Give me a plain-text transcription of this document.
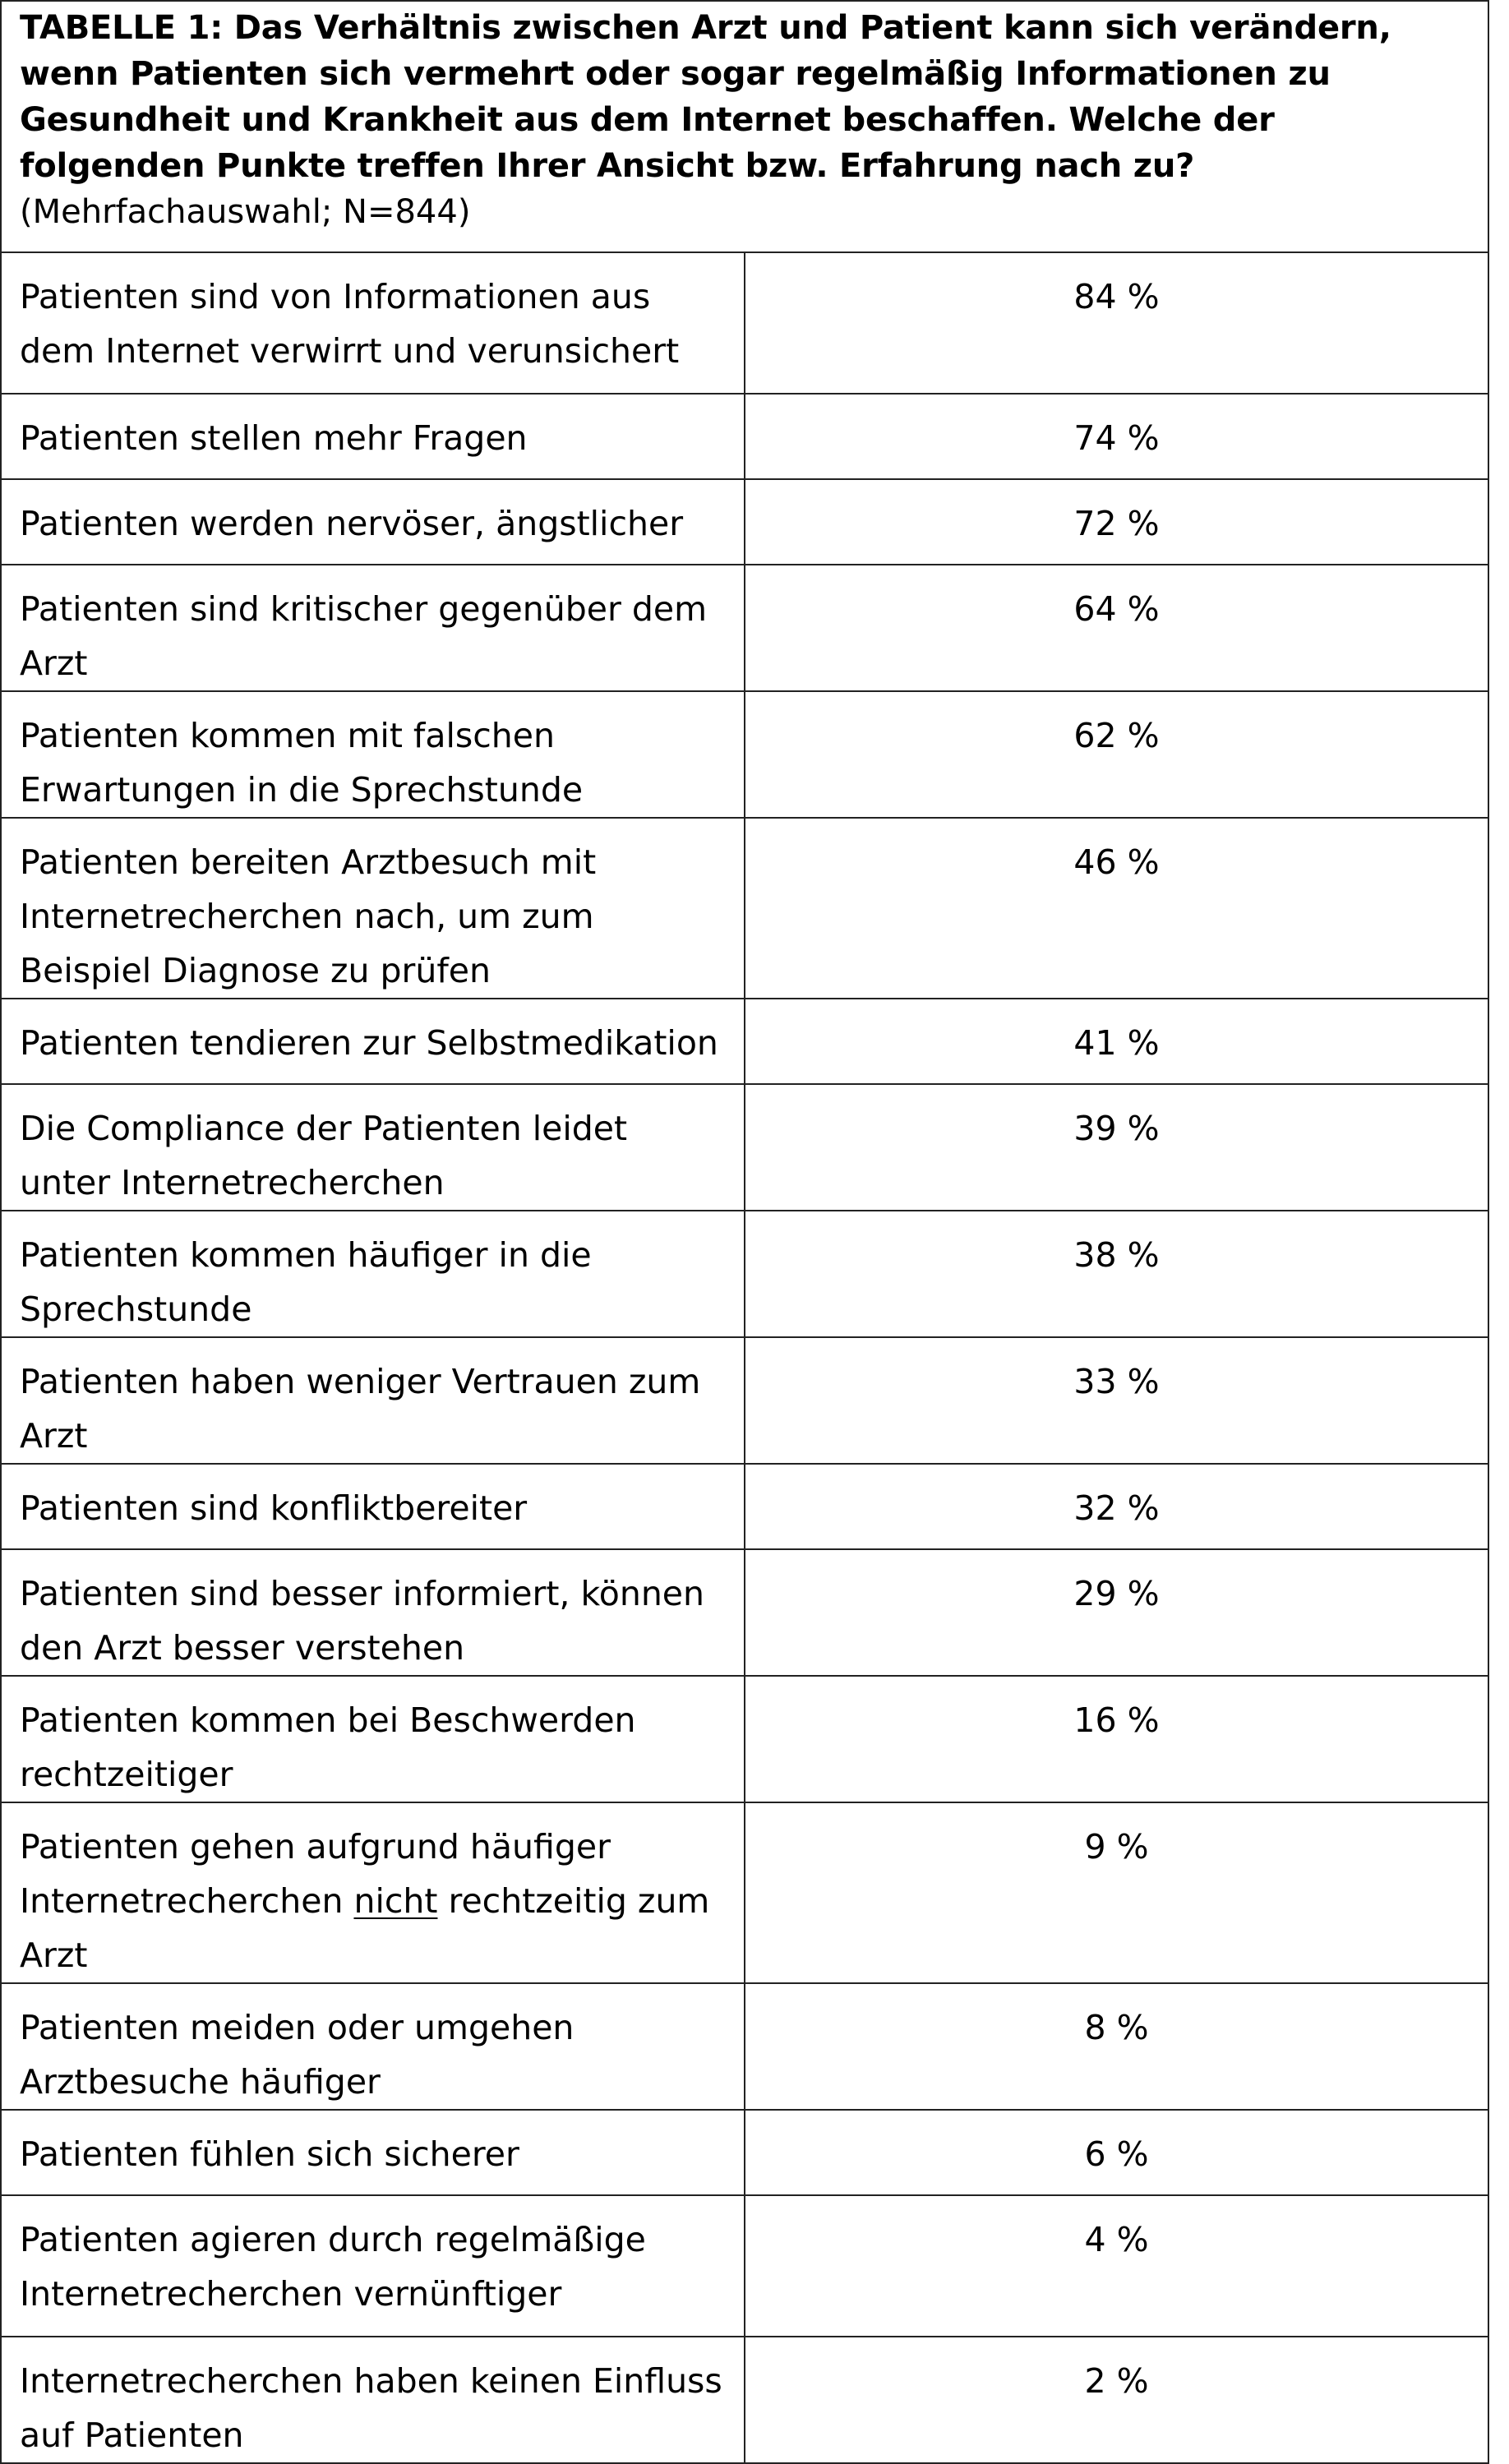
TABELLE 1: Das Verhältnis zwischen Arzt und Patient kann sich verändern, wenn Patienten sich vermehrt oder sogar regelmäßig Informationen zu Gesundheit und Krankheit aus dem Internet beschaffen. Welche der folgenden Punkte treffen Ihrer Ansicht bzw. Erfahrung nach zu? (Mehrfachauswahl; N=844)	
Patienten sind von Informationen aus dem Internet verwirrt und verunsichert	84 %
Patienten stellen mehr Fragen	74 %
Patienten werden nervöser, ängstlicher	72 %
Patienten sind kritischer gegenüber dem Arzt	64 %
Patienten kommen mit falschen Erwartungen in die Sprechstunde	62 %
Patienten bereiten Arztbesuch mit Internetrecherchen nach, um zum Beispiel Diagnose zu prüfen	46 %
Patienten tendieren zur Selbstmedikation	41 %
Die Compliance der Patienten leidet unter Internetrecherchen	39 %
Patienten kommen häufiger in die Sprechstunde	38 %
Patienten haben weniger Vertrauen zum Arzt	33 %
Patienten sind konfliktbereiter	32 %
Patienten sind besser informiert, können den Arzt besser verstehen	29 %
Patienten kommen bei Beschwerden rechtzeitiger	16 %
Patienten gehen aufgrund häufiger Internetrecherchen nicht rechtzeitig zum Arzt	9 %
Patienten meiden oder umgehen Arztbesuche häufiger	8 %
Patienten fühlen sich sicherer	6 %
Patienten agieren durch regelmäßige Internetrecherchen vernünftiger	4 %
Internetrecherchen haben keinen Einfluss auf Patienten	2 %
